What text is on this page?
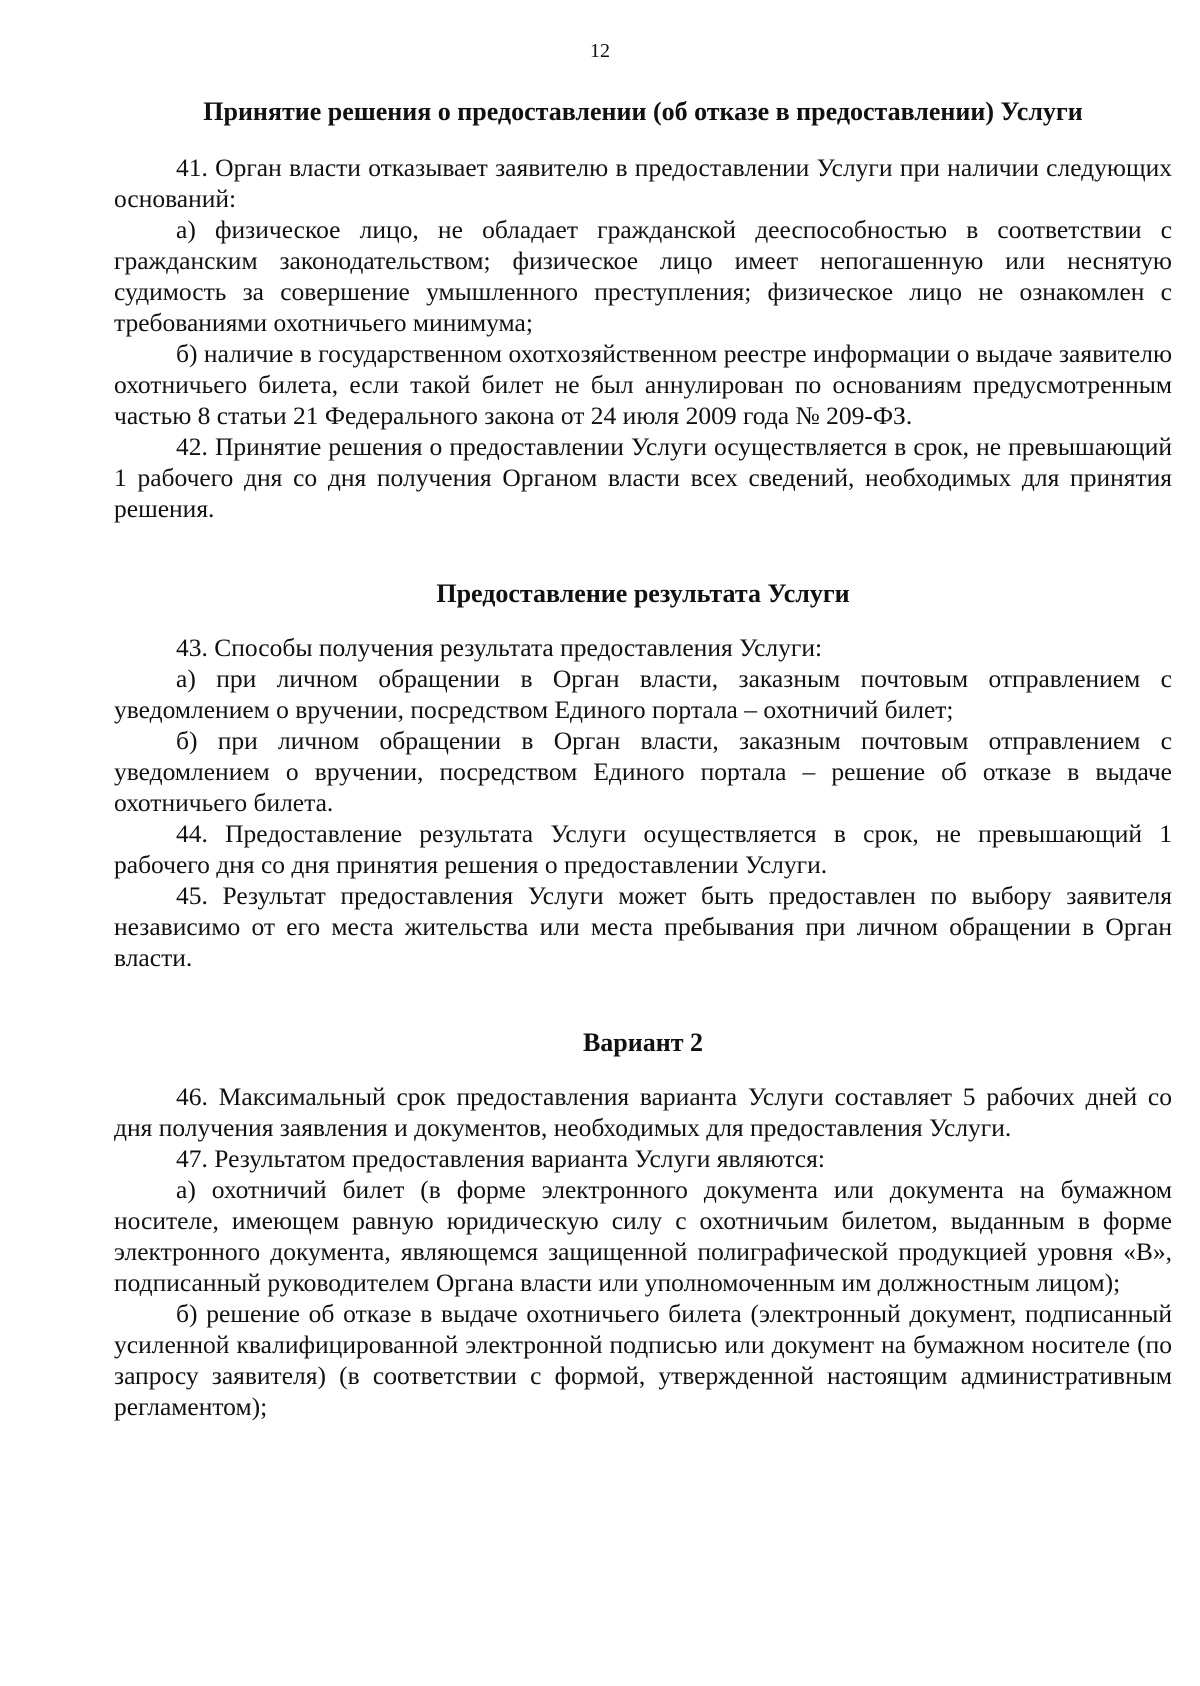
12
Принятие решения о предоставлении (об отказе в предоставлении) Услуги

41. Орган власти отказывает заявителю в предоставлении Услуги при наличии следующих оснований:

а) физическое лицо, не обладает гражданской дееспособностью в соответствии с гражданским законодательством; физическое лицо имеет непогашенную или неснятую судимость за совершение умышленного преступления; физическое лицо не ознакомлен с требованиями охотничьего минимума;

б) наличие в государственном охотхозяйственном реестре информации о выдаче заявителю охотничьего билета, если такой билет не был аннулирован по основаниям предусмотренным частью 8 статьи 21 Федерального закона от 24 июля 2009 года № 209-ФЗ.

42. Принятие решения о предоставлении Услуги осуществляется в срок, не превышающий 1 рабочего дня со дня получения Органом власти всех сведений, необходимых для принятия решения.

Предоставление результата Услуги

43. Способы получения результата предоставления Услуги:

а) при личном обращении в Орган власти, заказным почтовым отправлением с уведомлением о вручении, посредством Единого портала – охотничий билет;

б) при личном обращении в Орган власти, заказным почтовым отправлением с уведомлением о вручении, посредством Единого портала – решение об отказе в выдаче охотничьего билета.

44. Предоставление результата Услуги осуществляется в срок, не превышающий 1 рабочего дня со дня принятия решения о предоставлении Услуги.

45. Результат предоставления Услуги может быть предоставлен по выбору заявителя независимо от его места жительства или места пребывания при личном обращении в Орган власти.

Вариант 2

46. Максимальный срок предоставления варианта Услуги составляет 5 рабочих дней со дня получения заявления и документов, необходимых для предоставления Услуги.

47. Результатом предоставления варианта Услуги являются:

а) охотничий билет (в форме электронного документа или документа на бумажном носителе, имеющем равную юридическую силу с охотничьим билетом, выданным в форме электронного документа, являющемся защищенной полиграфической продукцией уровня «В», подписанный руководителем Органа власти или уполномоченным им должностным лицом);

б) решение об отказе в выдаче охотничьего билета (электронный документ, подписанный усиленной квалифицированной электронной подписью или документ на бумажном носителе (по запросу заявителя) (в соответствии с формой, утвержденной настоящим административным регламентом);
